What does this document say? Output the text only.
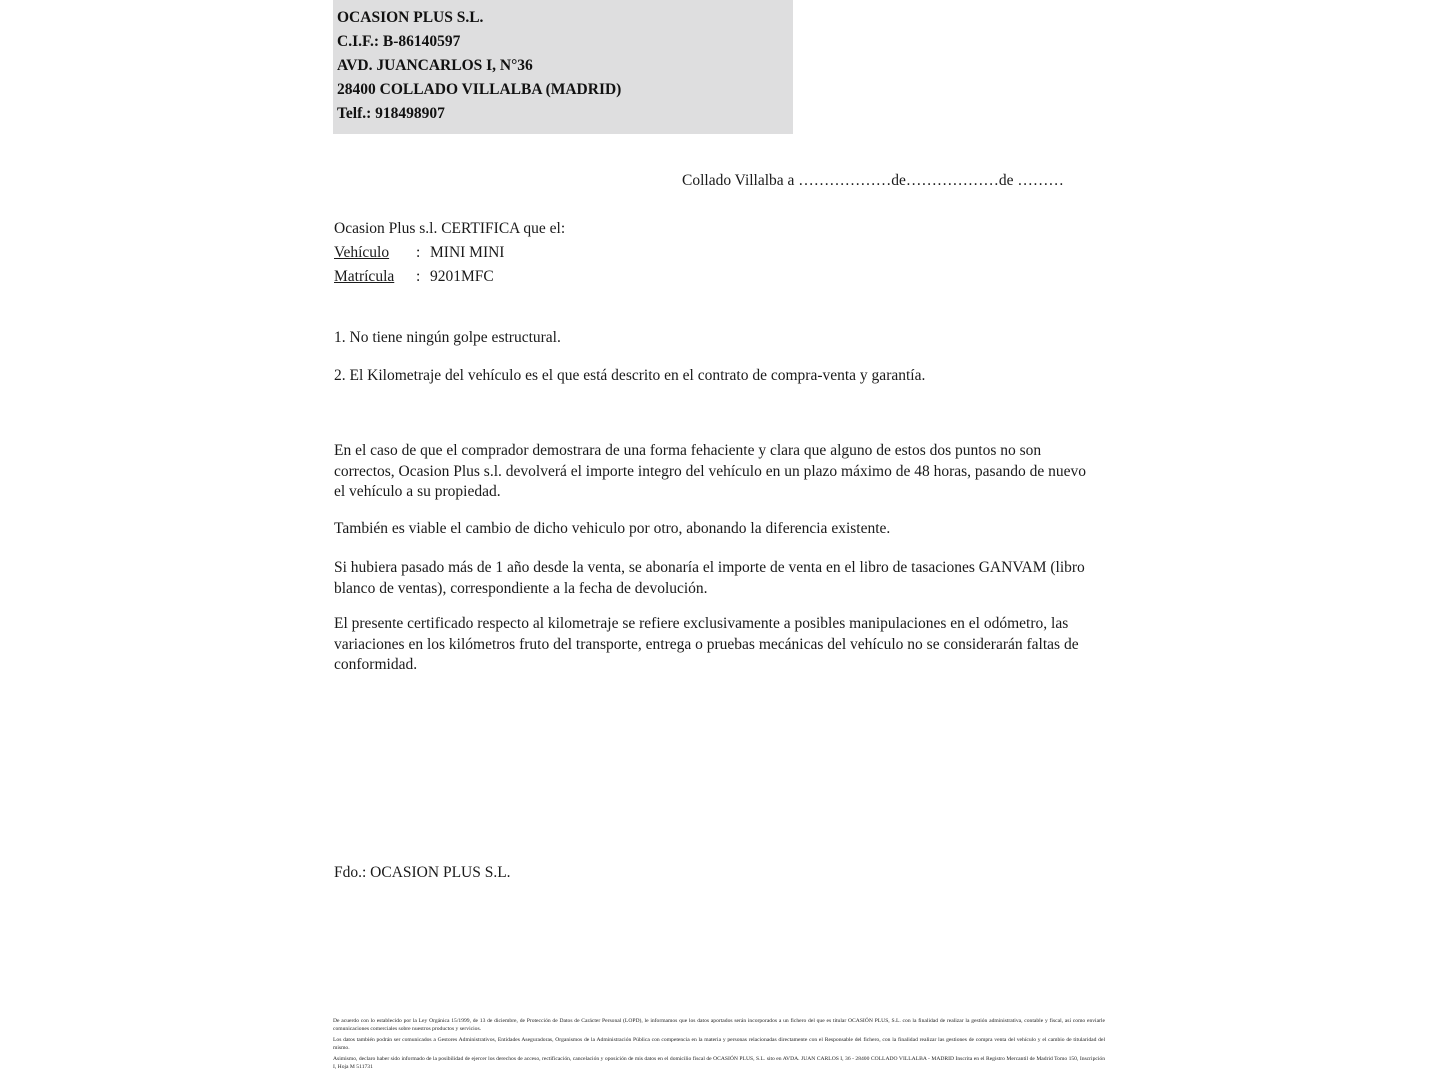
OCASION PLUS S.L.
C.I.F.: B-86140597
AVD. JUANCARLOS I, N°36
28400 COLLADO VILLALBA (MADRID)
Telf.: 918498907
Collado Villalba a ………………de………………de ………
Ocasion Plus s.l. CERTIFICA que el:
Vehículo	: MINI MINI
Matrícula	: 9201MFC
1. No tiene ningún golpe estructural.
2. El Kilometraje del vehículo es el que está descrito en el contrato de compra-venta y garantía.
En el caso de que el comprador demostrara de una forma fehaciente y clara que alguno de estos dos puntos no son correctos, Ocasion Plus s.l. devolverá el importe integro del vehículo en un plazo máximo de 48 horas, pasando de nuevo el vehículo a su propiedad.
También es viable el cambio de dicho vehiculo por otro, abonando la diferencia existente.
Si hubiera pasado más de 1 año desde la venta, se abonaría el importe de venta en el libro de tasaciones GANVAM (libro blanco de ventas), correspondiente a la fecha de devolución.
El presente certificado respecto al kilometraje se refiere exclusivamente a posibles manipulaciones en el odómetro, las variaciones en los kilómetros fruto del transporte, entrega o pruebas mecánicas del vehículo no se considerarán faltas de conformidad.
Fdo.: OCASION PLUS S.L.

De acuerdo con lo establecido por la Ley Orgánica 15/1999, de 13 de diciembre, de Protección de Datos de Carácter Personal (LOPD), le informamos que los datos aportados serán incorporados a un fichero del que es titular OCASIÓN PLUS, S.L. con la finalidad de realizar la gestión administrativa, contable y fiscal, así como enviarle comunicaciones comerciales sobre nuestros productos y servicios.

Los datos también podrán ser comunicados a Gestores Administrativos, Entidades Aseguradoras, Organismos de la Administración Pública con competencia en la materia y personas relacionadas directamente con el Responsable del fichero, con la finalidad realizar las gestiones de compra venta del vehículo y el cambio de titularidad del mismo.

Asimismo, declaro haber sido informado de la posibilidad de ejercer los derechos de acceso, rectificación, cancelación y oposición de mis datos en el domicilio fiscal de OCASIÓN PLUS, S.L. sito en AVDA. JUAN CARLOS I, 36 - 28400 COLLADO VILLALBA - MADRID Inscrita en el Registro Mercantil de Madrid Tomo 150, Inscripción I, Hoja M 511731
